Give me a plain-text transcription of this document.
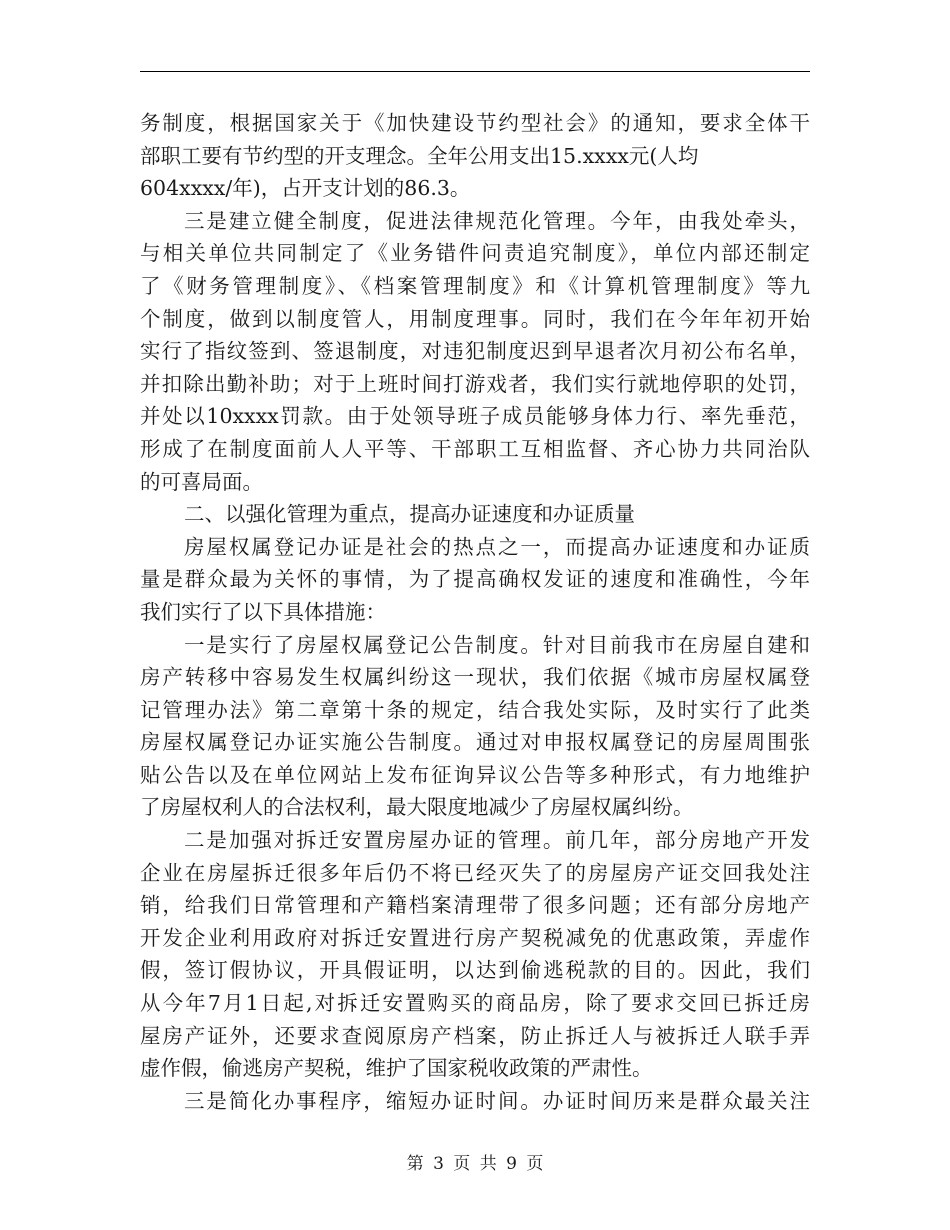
务制度，根据国家关于《加快建设节约型社会》的通知，要求全体干
部职工要有节约型的开支理念。全年公用支出15.xxxx元(人均
604xxxx/年)，占开支计划的86.3。
三是建立健全制度，促进法律规范化管理。今年，由我处牵头，
与相关单位共同制定了《业务错件问责追究制度》，单位内部还制定
了《财务管理制度》、《档案管理制度》和《计算机管理制度》等九
个制度，做到以制度管人，用制度理事。同时，我们在今年年初开始
实行了指纹签到、签退制度，对违犯制度迟到早退者次月初公布名单，
并扣除出勤补助；对于上班时间打游戏者，我们实行就地停职的处罚，
并处以10xxxx罚款。由于处领导班子成员能够身体力行、率先垂范，
形成了在制度面前人人平等、干部职工互相监督、齐心协力共同治队
的可喜局面。
二、以强化管理为重点，提高办证速度和办证质量
房屋权属登记办证是社会的热点之一，而提高办证速度和办证质
量是群众最为关怀的事情，为了提高确权发证的速度和准确性，今年
我们实行了以下具体措施：
一是实行了房屋权属登记公告制度。针对目前我市在房屋自建和
房产转移中容易发生权属纠纷这一现状，我们依据《城市房屋权属登
记管理办法》第二章第十条的规定，结合我处实际，及时实行了此类
房屋权属登记办证实施公告制度。通过对申报权属登记的房屋周围张
贴公告以及在单位网站上发布征询异议公告等多种形式，有力地维护
了房屋权利人的合法权利，最大限度地减少了房屋权属纠纷。
二是加强对拆迁安置房屋办证的管理。前几年，部分房地产开发
企业在房屋拆迁很多年后仍不将已经灭失了的房屋房产证交回我处注
销，给我们日常管理和产籍档案清理带了很多问题；还有部分房地产
开发企业利用政府对拆迁安置进行房产契税减免的优惠政策，弄虚作
假，签订假协议，开具假证明，以达到偷逃税款的目的。因此，我们
从今年7月1日起,对拆迁安置购买的商品房，除了要求交回已拆迁房
屋房产证外，还要求查阅原房产档案，防止拆迁人与被拆迁人联手弄
虚作假，偷逃房产契税，维护了国家税收政策的严肃性。
三是简化办事程序，缩短办证时间。办证时间历来是群众最关注
第 3 页 共 9 页
